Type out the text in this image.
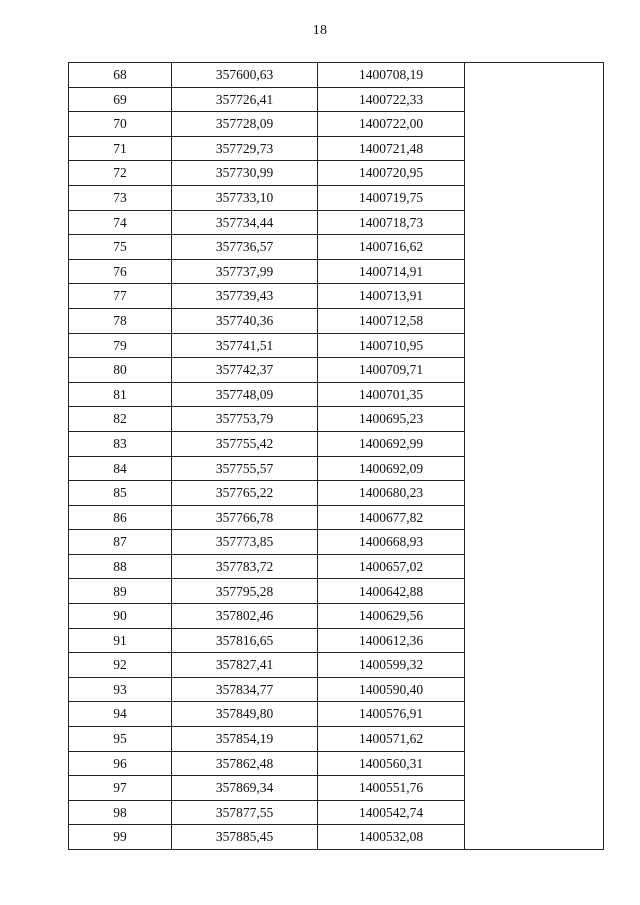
18
68	357600,63	1400708,19	
69	357726,41	1400722,33	
70	357728,09	1400722,00	
71	357729,73	1400721,48	
72	357730,99	1400720,95	
73	357733,10	1400719,75	
74	357734,44	1400718,73	
75	357736,57	1400716,62	
76	357737,99	1400714,91	
77	357739,43	1400713,91	
78	357740,36	1400712,58	
79	357741,51	1400710,95	
80	357742,37	1400709,71	
81	357748,09	1400701,35	
82	357753,79	1400695,23	
83	357755,42	1400692,99	
84	357755,57	1400692,09	
85	357765,22	1400680,23	
86	357766,78	1400677,82	
87	357773,85	1400668,93	
88	357783,72	1400657,02	
89	357795,28	1400642,88	
90	357802,46	1400629,56	
91	357816,65	1400612,36	
92	357827,41	1400599,32	
93	357834,77	1400590,40	
94	357849,80	1400576,91	
95	357854,19	1400571,62	
96	357862,48	1400560,31	
97	357869,34	1400551,76	
98	357877,55	1400542,74	
99	357885,45	1400532,08	
